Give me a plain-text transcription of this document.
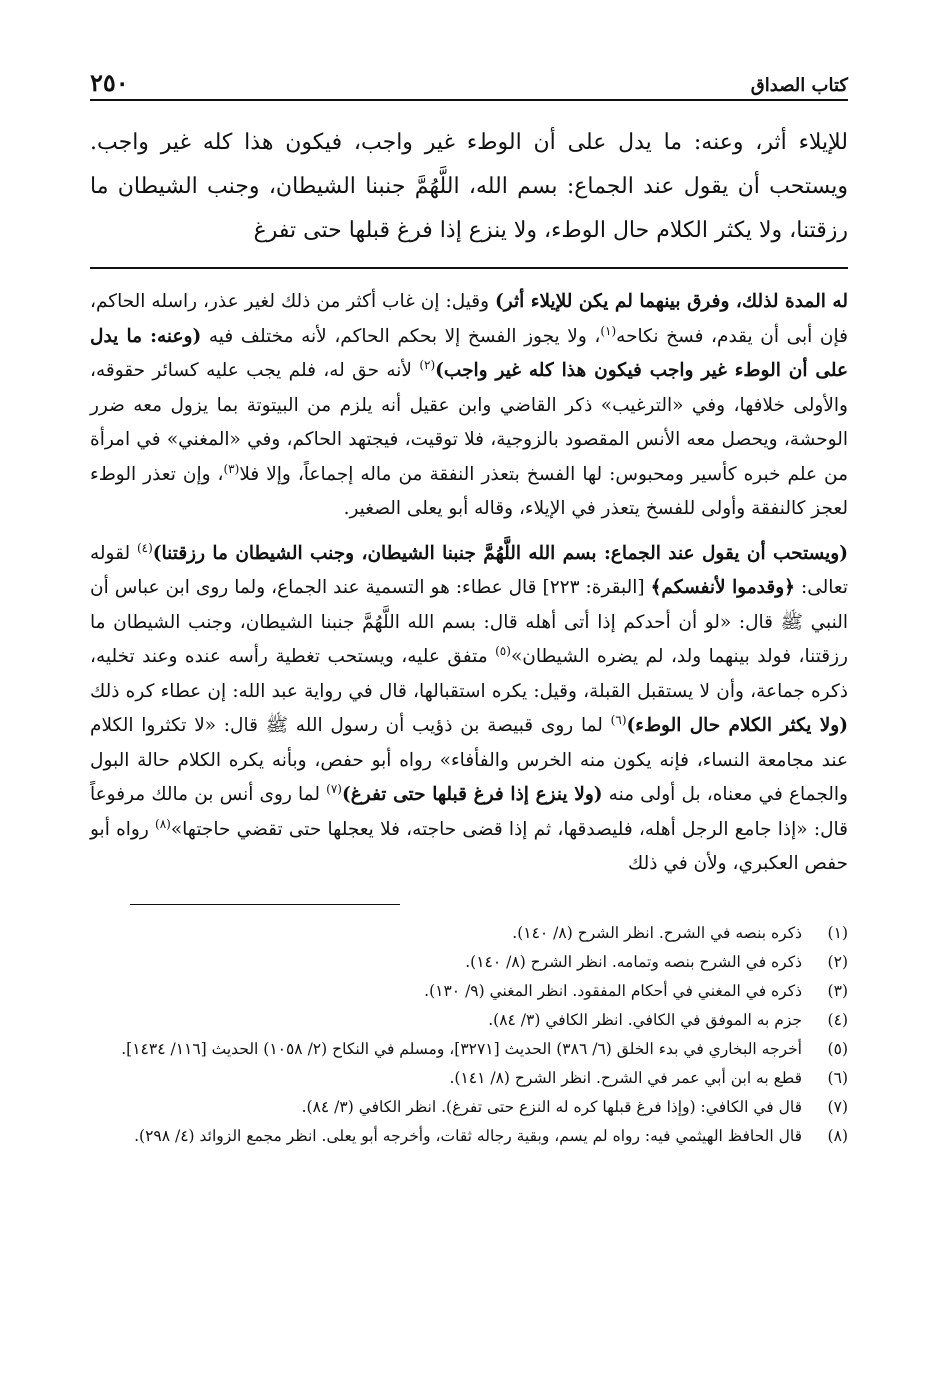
كتاب الصداق
٢٥٠
للإيلاء أثر، وعنه: ما يدل على أن الوطء غير واجب، فيكون هذا كله غير واجب. ويستحب أن يقول عند الجماع: بسم الله، اللَّهُمَّ جنبنا الشيطان، وجنب الشيطان ما رزقتنا، ولا يكثر الكلام حال الوطء، ولا ينزع إذا فرغ قبلها حتى تفرغ

له المدة لذلك، وفرق بينهما لم يكن للإيلاء أثر) وقيل: إن غاب أكثر من ذلك لغير عذر، راسله الحاكم، فإن أبى أن يقدم، فسخ نكاحه$^{(١)}$، ولا يجوز الفسخ إلا بحكم الحاكم، لأنه مختلف فيه (وعنه: ما يدل على أن الوطء غير واجب فيكون هذا كله غير واجب)$^{(٢)}$ لأنه حق له، فلم يجب عليه كسائر حقوقه، والأولى خلافها، وفي «الترغيب» ذكر القاضي وابن عقيل أنه يلزم من البيتوتة بما يزول معه ضرر الوحشة، ويحصل معه الأنس المقصود بالزوجية، فلا توقيت، فيجتهد الحاكم، وفي «المغني» في امرأة من علم خبره كأسير ومحبوس: لها الفسخ بتعذر النفقة من ماله إجماعاً، وإلا فلا$^{(٣)}$، وإن تعذر الوطء لعجز كالنفقة وأولى للفسخ يتعذر في الإيلاء، وقاله أبو يعلى الصغير.

(ويستحب أن يقول عند الجماع: بسم الله اللَّهُمَّ جنبنا الشيطان، وجنب الشيطان ما رزقتنا)$^{(٤)}$ لقوله تعالى: ﴿وقدموا لأنفسكم﴾ [البقرة: ٢٢٣] قال عطاء: هو التسمية عند الجماع، ولما روى ابن عباس أن النبي ﷺ قال: «لو أن أحدكم إذا أتى أهله قال: بسم الله اللَّهُمَّ جنبنا الشيطان، وجنب الشيطان ما رزقتنا، فولد بينهما ولد، لم يضره الشيطان»$^{(٥)}$ متفق عليه، ويستحب تغطية رأسه عنده وعند تخليه، ذكره جماعة، وأن لا يستقبل القبلة، وقيل: يكره استقبالها، قال في رواية عبد الله: إن عطاء كره ذلك (ولا يكثر الكلام حال الوطء)$^{(٦)}$ لما روى قبيصة بن ذؤيب أن رسول الله ﷺ قال: «لا تكثروا الكلام عند مجامعة النساء، فإنه يكون منه الخرس والفأفاء» رواه أبو حفص، وبأنه يكره الكلام حالة البول والجماع في معناه، بل أولى منه (ولا ينزع إذا فرغ قبلها حتى تفرغ)$^{(٧)}$ لما روى أنس بن مالك مرفوعاً قال: «إذا جامع الرجل أهله، فليصدقها، ثم إذا قضى حاجته، فلا يعجلها حتى تقضي حاجتها»$^{(٨)}$ رواه أبو حفص العكبري، ولأن في ذلك

(١)
ذكره بنصه في الشرح. انظر الشرح (٨/ ١٤٠).
(٢)
ذكره في الشرح بنصه وتمامه. انظر الشرح (٨/ ١٤٠).
(٣)
ذكره في المغني في أحكام المفقود. انظر المغني (٩/ ١٣٠).
(٤)
جزم به الموفق في الكافي. انظر الكافي (٣/ ٨٤).
(٥)
أخرجه البخاري في بدء الخلق (٦/ ٣٨٦) الحديث [٣٢٧١]، ومسلم في النكاح (٢/ ١٠٥٨) الحديث [١١٦/ ١٤٣٤].
(٦)
قطع به ابن أبي عمر في الشرح. انظر الشرح (٨/ ١٤١).
(٧)
قال في الكافي: (وإذا فرغ قبلها كره له النزع حتى تفرغ). انظر الكافي (٣/ ٨٤).
(٨)
قال الحافظ الهيثمي فيه: رواه لم يسم، وبقية رجاله ثقات، وأخرجه أبو يعلى. انظر مجمع الزوائد (٤/ ٢٩٨).
